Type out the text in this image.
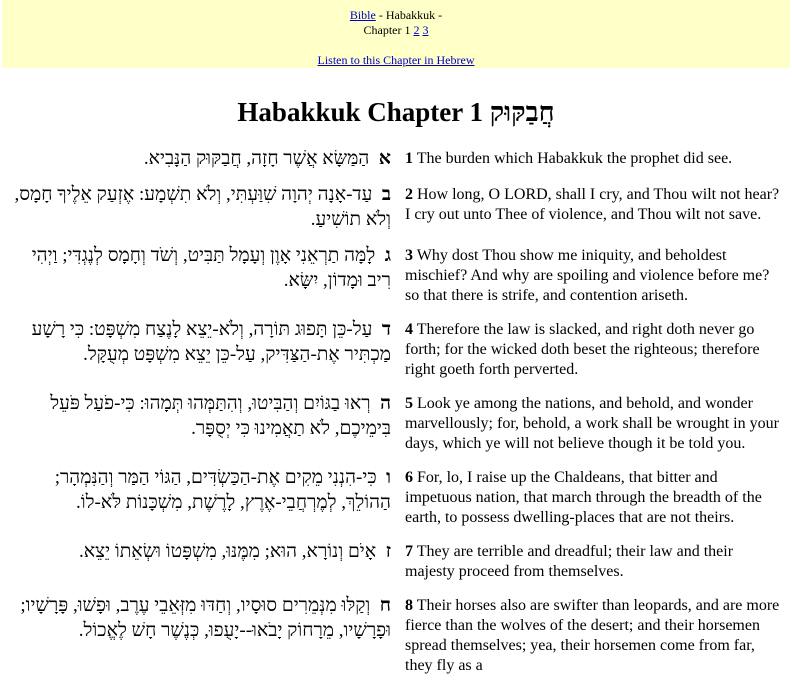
Bible - Habakkuk -
Chapter 1 2 3
Listen to this Chapter in Hebrew
Habakkuk Chapter 1 חֲבַקּוּק
א  הַמַּשָּׂא אֲשֶׁר חָזָה, חֲבַקּוּק הַנָּבִיא.	1 The burden which Habakkuk the prophet did see.
ב  עַד-אָנָה יְהוָה שִׁוַּעְתִּי, וְלֹא תִשְׁמָע: אֶזְעַק אֵלֶיךָ חָמָס, וְלֹא תוֹשִׁיעַ.	2 How long, O LORD, shall I cry, and Thou wilt not hear? I cry out unto Thee of violence, and Thou wilt not save.
ג  לָמָּה תַרְאֵנִי אָוֶן וְעָמָל תַּבִּיט, וְשֹׁד וְחָמָס לְנֶגְדִּי; וַיְהִי רִיב וּמָדוֹן, יִשָּׂא.	3 Why dost Thou show me iniquity, and beholdest mischief? And why are spoiling and violence before me? so that there is strife, and contention ariseth.
ד  עַל-כֵּן תָּפוּג תּוֹרָה, וְלֹא-יֵצֵא לָנֶצַח מִשְׁפָּט: כִּי רָשָׁע מַכְתִּיר אֶת-הַצַּדִּיק, עַל-כֵּן יֵצֵא מִשְׁפָּט מְעֻקָּל.	4 Therefore the law is slacked, and right doth never go forth; for the wicked doth beset the righteous; therefore right goeth forth perverted.
ה  רְאוּ בַגּוֹיִם וְהַבִּיטוּ, וְהִתַּמְּהוּ תְּמָהוּ: כִּי-פֹעַל פֹּעֵל בִּימֵיכֶם, לֹא תַאֲמִינוּ כִּי יְסֻפָּר.	5 Look ye among the nations, and behold, and wonder marvellously; for, behold, a work shall be wrought in your days, which ye will not believe though it be told you.
ו  כִּי-הִנְנִי מֵקִים אֶת-הַכַּשְׂדִּים, הַגּוֹי הַמַּר וְהַנִּמְהָר; הַהוֹלֵךְ, לְמֶרְחֲבֵי-אֶרֶץ, לָרֶשֶׁת, מִשְׁכָּנוֹת לֹּא-לוֹ.	6 For, lo, I raise up the Chaldeans, that bitter and impetuous nation, that march through the breadth of the earth, to possess dwelling-places that are not theirs.
ז  אָיֹם וְנוֹרָא, הוּא; מִמֶּנּוּ, מִשְׁפָּטוֹ וּשְׂאֵתוֹ יֵצֵא.	7 They are terrible and dreadful; their law and their majesty proceed from themselves.
ח  וְקַלּוּ מִנְּמֵרִים סוּסָיו, וְחַדּוּ מִזְּאֵבֵי עֶרֶב, וּפָשׁוּ, פָּרָשָׁיו; וּפָרָשָׁיו, מֵרָחוֹק יָבֹאוּ--יָעֻפוּ, כְּנֶשֶׁר חָשׁ לֶאֱכוֹל.	8 Their horses also are swifter than leopards, and are more fierce than the wolves of the desert; and their horsemen spread themselves; yea, their horsemen come from far, they fly as a
